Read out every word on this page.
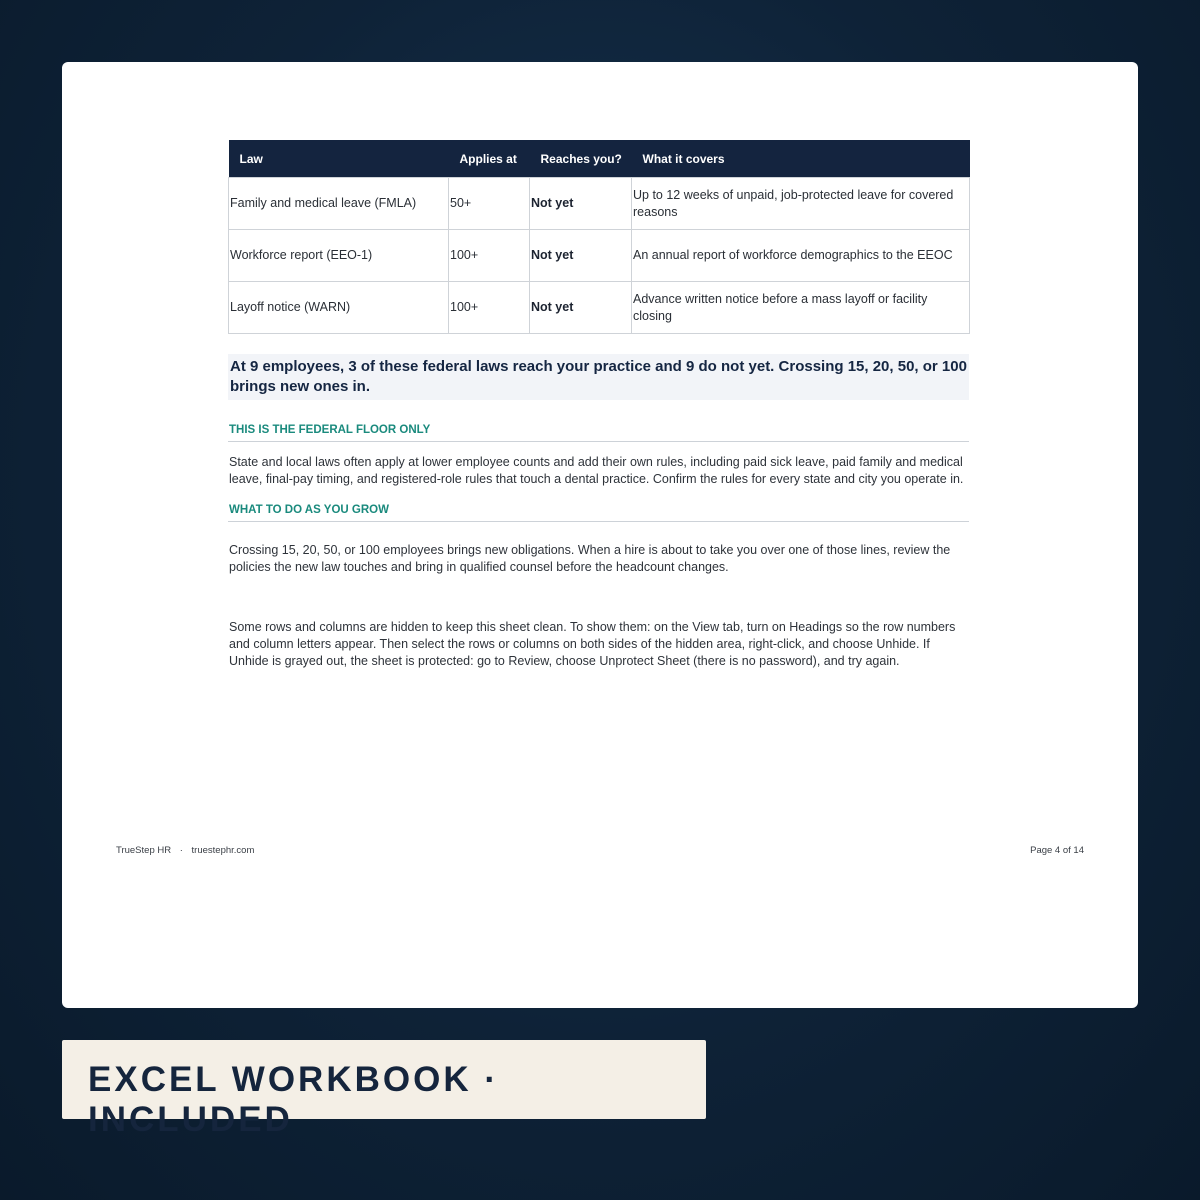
Law	Applies at	Reaches you?	What it covers
Family and medical leave (FMLA)	50+	Not yet	Up to 12 weeks of unpaid, job-protected leave for covered reasons
Workforce report (EEO-1)	100+	Not yet	An annual report of workforce demographics to the EEOC
Layoff notice (WARN)	100+	Not yet	Advance written notice before a mass layoff or facility closing
At 9 employees, 3 of these federal laws reach your practice and 9 do not yet. Crossing 15, 20, 50, or 100 brings new ones in.
THIS IS THE FEDERAL FLOOR ONLY
State and local laws often apply at lower employee counts and add their own rules, including paid sick leave, paid family and medical leave, final-pay timing, and registered-role rules that touch a dental practice. Confirm the rules for every state and city you operate in.
WHAT TO DO AS YOU GROW
Crossing 15, 20, 50, or 100 employees brings new obligations. When a hire is about to take you over one of those lines, review the policies the new law touches and bring in qualified counsel before the headcount changes.
Some rows and columns are hidden to keep this sheet clean. To show them: on the View tab, turn on Headings so the row numbers and column letters appear. Then select the rows or columns on both sides of the hidden area, right-click, and choose Unhide. If Unhide is grayed out, the sheet is protected: go to Review, choose Unprotect Sheet (there is no password), and try again.
TrueStep HR · truestephr.com	Page 4 of 14
EXCEL WORKBOOK · INCLUDED
